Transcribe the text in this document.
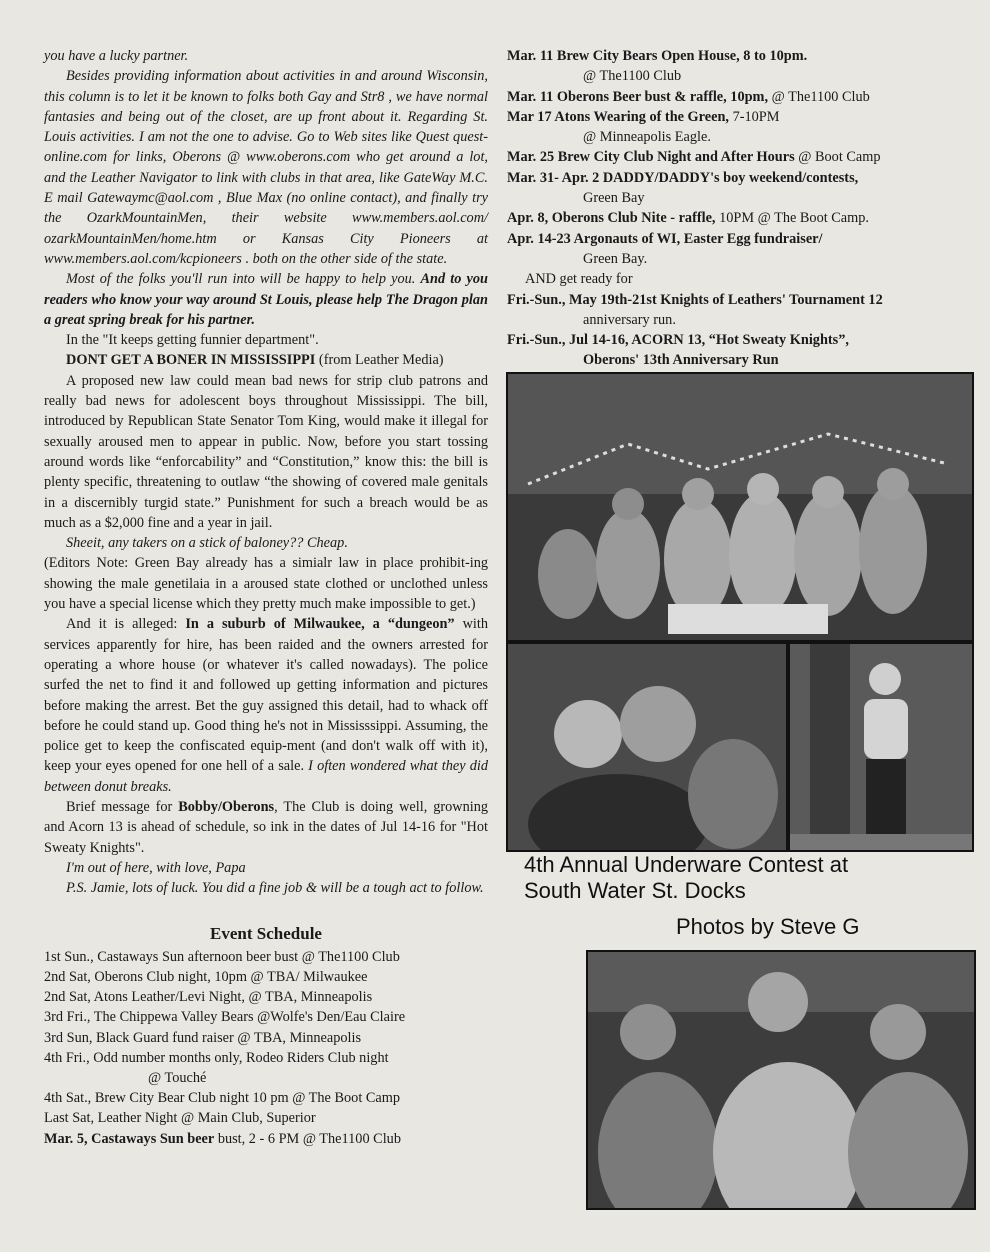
you have a lucky partner.

Besides providing information about activities in and around Wisconsin, this column is to let it be known to folks both Gay and Str8 , we have normal fantasies and being out of the closet, are up front about it. Regarding St. Louis activities. I am not the one to advise. Go to Web sites like Quest quest-online.com for links, Oberons @ www.oberons.com who get around a lot, and the Leather Navigator to link with clubs in that area, like GateWay M.C. E mail Gatewaymc@aol.com , Blue Max (no online contact), and finally try the OzarkMountainMen, their website www.members.aol.com/ ozarkMountainMen/home.htm or Kansas City Pioneers at www.members.aol.com/kcpioneers . both on the other side of the state.

Most of the folks you'll run into will be happy to help you. And to you readers who know your way around St Louis, please help The Dragon plan a great spring break for his partner.

In the "It keeps getting funnier department".

DONT GET A BONER IN MISSISSIPPI (from Leather Media)

A proposed new law could mean bad news for strip club patrons and really bad news for adolescent boys throughout Mississippi. The bill, introduced by Republican State Senator Tom King, would make it illegal for sexually aroused men to appear in public. Now, before you start tossing around words like “enforcability” and “Constitution,” know this: the bill is plenty specific, threatening to outlaw “the showing of covered male genitals in a discernibly turgid state.” Punishment for such a breach would be as much as a $2,000 fine and a year in jail.

Sheeit, any takers on a stick of baloney?? Cheap.

(Editors Note: Green Bay already has a simialr law in place prohibit-ing showing the male genetilaia in a aroused state clothed or unclothed unless you have a special license which they pretty much make impossible to get.)

And it is alleged: In a suburb of Milwaukee, a “dungeon” with services apparently for hire, has been raided and the owners arrested for operating a whore house (or whatever it's called nowadays). The police surfed the net to find it and followed up getting information and pictures before making the arrest. Bet the guy assigned this detail, had to whack off before he could stand up. Good thing he's not in Mississsippi. Assuming, the police get to keep the confiscated equip-ment (and don't walk off with it), keep your eyes opened for one hell of a sale. I often wondered what they did between donut breaks.

Brief message for Bobby/Oberons, The Club is doing well, growning and Acorn 13 is ahead of schedule, so ink in the dates of Jul 14-16 for "Hot Sweaty Knights".

I'm out of here, with love, Papa

P.S. Jamie, lots of luck. You did a fine job & will be a tough act to follow.

Event Schedule

1st Sun., Castaways Sun afternoon beer bust @ The1100 Club

2nd Sat, Oberons Club night, 10pm @ TBA/ Milwaukee

2nd Sat, Atons Leather/Levi Night, @ TBA, Minneapolis

3rd Fri., The Chippewa Valley Bears @Wolfe's Den/Eau Claire

3rd Sun, Black Guard fund raiser @ TBA, Minneapolis

4th Fri., Odd number months only, Rodeo Riders Club night

@ Touché

4th Sat., Brew City Bear Club night 10 pm @ The Boot Camp

Last Sat, Leather Night @ Main Club, Superior

Mar. 5, Castaways Sun beer bust, 2 - 6 PM @ The1100 Club

Mar. 11 Brew City Bears Open House, 8 to 10pm.

@ The1100 Club

Mar. 11 Oberons Beer bust & raffle, 10pm, @ The1100 Club

Mar 17 Atons Wearing of the Green, 7-10PM

@ Minneapolis Eagle.

Mar. 25 Brew City Club Night and After Hours @ Boot Camp

Mar. 31- Apr. 2 DADDY/DADDY's boy weekend/contests,

Green Bay

Apr. 8, Oberons Club Nite - raffle, 10PM @ The Boot Camp.

Apr. 14-23 Argonauts of WI, Easter Egg fundraiser/

Green Bay.

AND get ready for

Fri.-Sun., May 19th-21st Knights of Leathers' Tournament 12

anniversary run.

Fri.-Sun., Jul 14-16, ACORN 13, “Hot Sweaty Knights”,

Oberons' 13th Anniversary Run

4th Annual Underware Contest at
South Water St. Docks
Photos by Steve G
